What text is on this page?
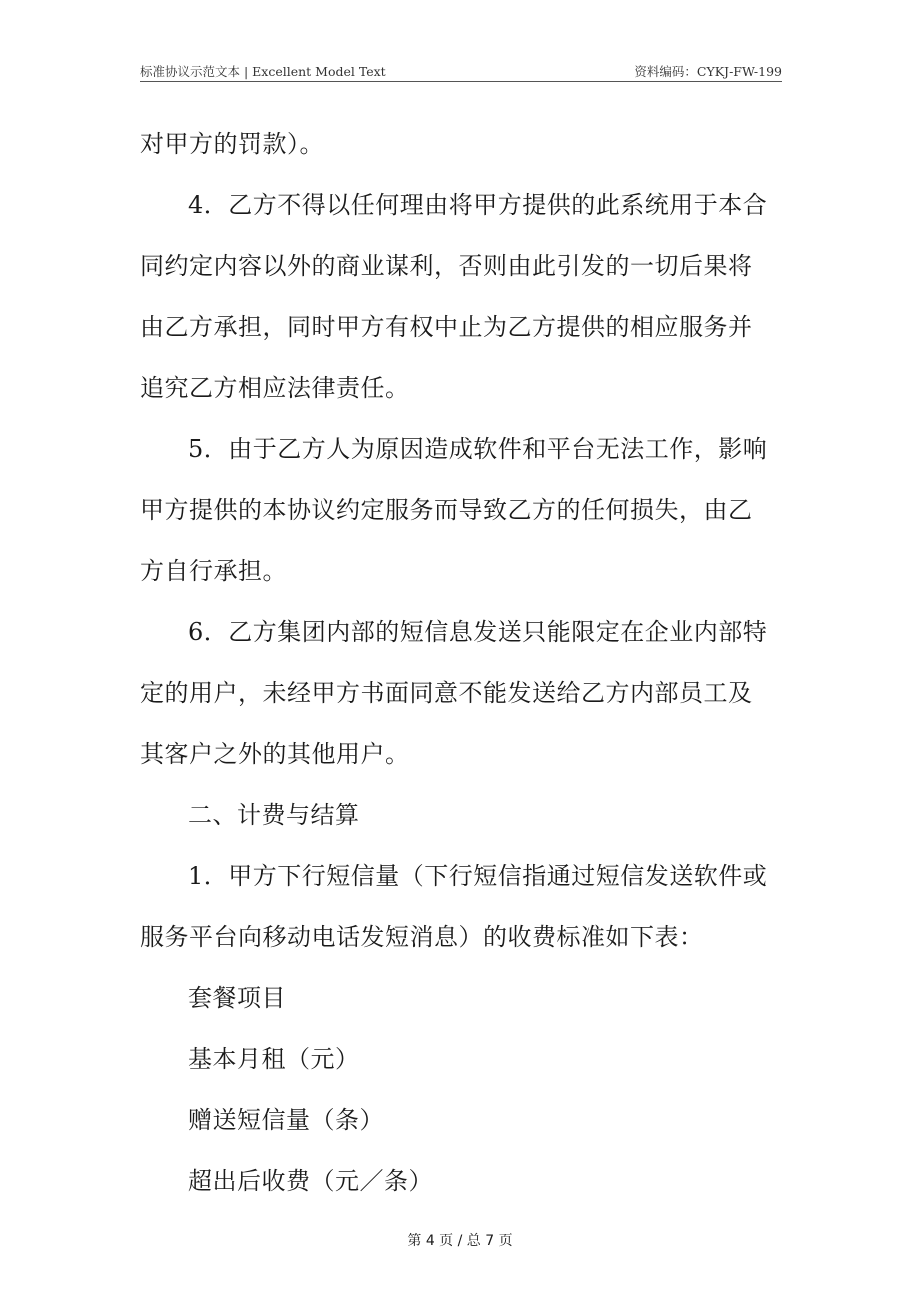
标准协议示范文本 | Excellent Model Text	资料编码：CYKJ-FW-199
对甲方的罚款）。
4．乙方不得以任何理由将甲方提供的此系统用于本合
同约定内容以外的商业谋利，否则由此引发的一切后果将
由乙方承担，同时甲方有权中止为乙方提供的相应服务并
追究乙方相应法律责任。
5．由于乙方人为原因造成软件和平台无法工作，影响
甲方提供的本协议约定服务而导致乙方的任何损失，由乙
方自行承担。
6．乙方集团内部的短信息发送只能限定在企业内部特
定的用户，未经甲方书面同意不能发送给乙方内部员工及
其客户之外的其他用户。
二、计费与结算
1．甲方下行短信量（下行短信指通过短信发送软件或
服务平台向移动电话发短消息）的收费标准如下表：
套餐项目
基本月租（元）
赠送短信量（条）
超出后收费（元／条）
第 4 页 / 总 7 页
